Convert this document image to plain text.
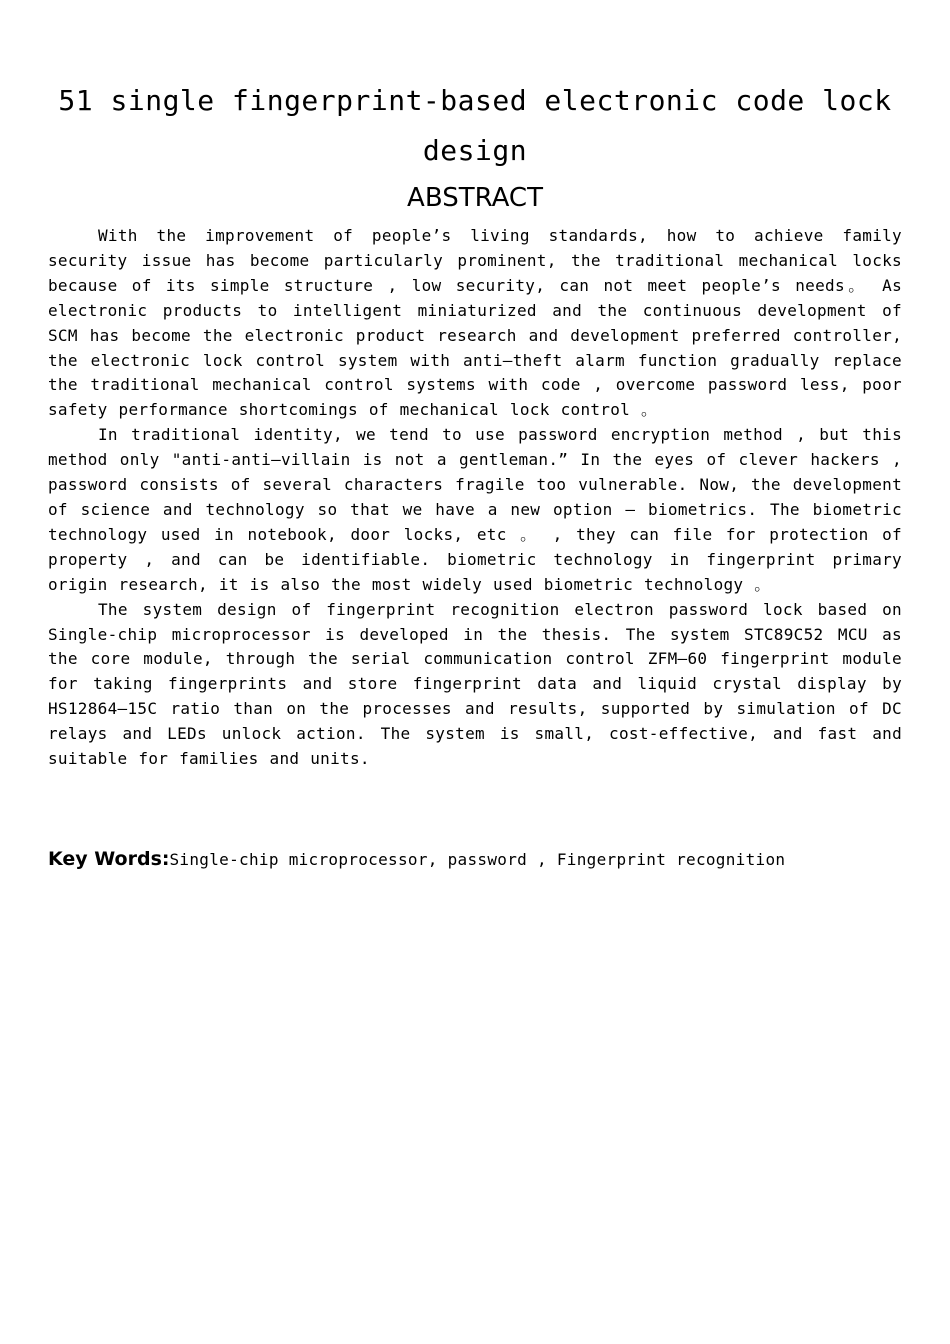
51 single fingerprint-based electronic code lock design
ABSTRACT

With the improvement of people’s living standards, how to achieve family security issue has become particularly prominent, the traditional mechanical locks because of its simple structure , low security, can not meet people’s needs。 As electronic products to intelligent miniaturized and the continuous development of SCM has become the electronic product research and development preferred controller, the electronic lock control system with anti—theft alarm function gradually replace the traditional mechanical control systems with code , overcome password less, poor safety performance shortcomings of mechanical lock control 。

In traditional identity, we tend to use password encryption method , but this method only "anti-anti—villain is not a gentleman.” In the eyes of clever hackers , password consists of several characters fragile too vulnerable. Now, the development of science and technology so that we have a new option — biometrics. The biometric technology used in notebook, door locks, etc 。 , they can file for protection of property , and can be identifiable. biometric technology in fingerprint primary origin research, it is also the most widely used biometric technology 。

The system design of fingerprint recognition electron password lock based on Single-chip microprocessor is developed in the thesis. The system STC89C52 MCU as the core module, through the serial communication control ZFM—60 fingerprint module for taking fingerprints and store fingerprint data and liquid crystal display by HS12864—15C ratio than on the processes and results, supported by simulation of DC relays and LEDs unlock action. The system is small, cost-effective, and fast and suitable for families and units.

Key Words:Single-chip microprocessor, password , Fingerprint recognition
